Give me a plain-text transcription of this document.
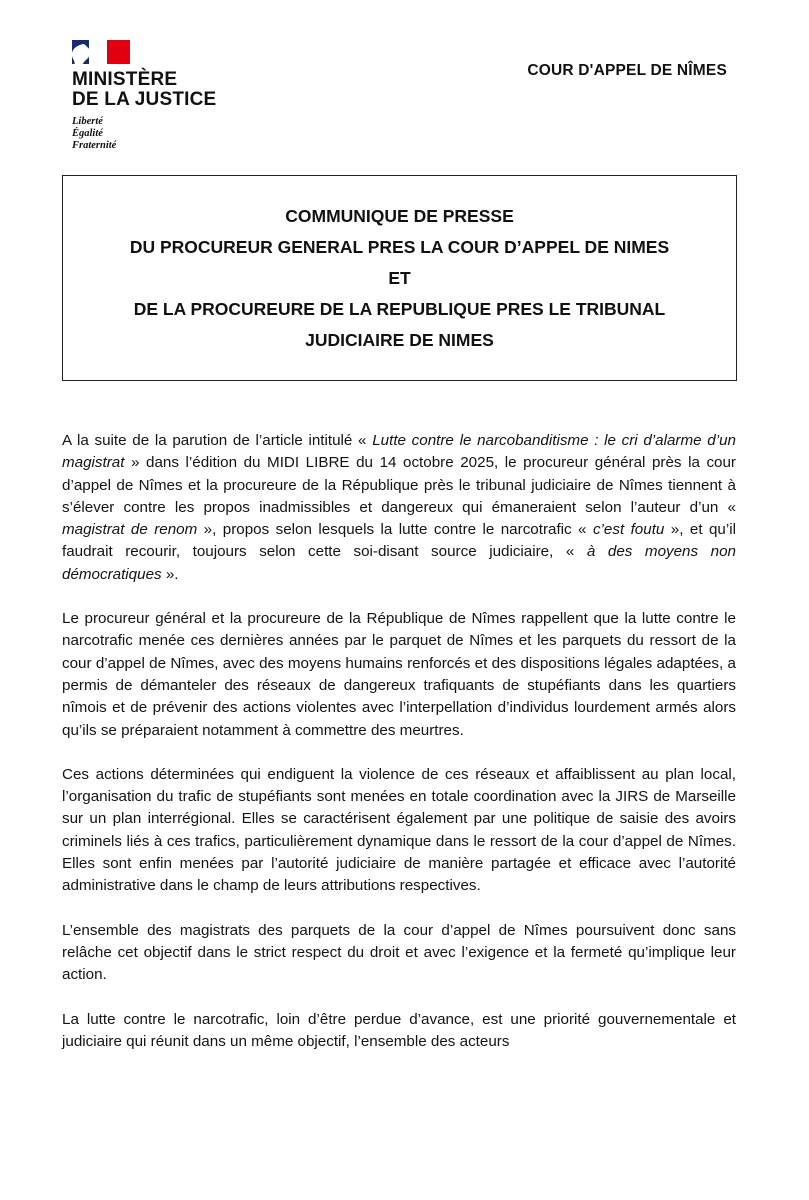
MINISTÈRE
DE LA JUSTICE
Liberté
Égalité
Fraternité
COUR D'APPEL DE NÎMES
COMMUNIQUE DE PRESSE
DU PROCUREUR GENERAL PRES LA COUR D’APPEL DE NIMES
ET
DE LA PROCUREURE DE LA REPUBLIQUE PRES LE TRIBUNAL
JUDICIAIRE DE NIMES

A la suite de la parution de l’article intitulé « Lutte contre le narcobanditisme : le cri d’alarme d’un magistrat » dans l’édition du MIDI LIBRE du 14 octobre 2025, le procureur général près la cour d’appel de Nîmes et la procureure de la République près le tribunal judiciaire de Nîmes tiennent à s’élever contre les propos inadmissibles et dangereux qui émaneraient selon l’auteur d’un « magistrat de renom », propos selon lesquels la lutte contre le narcotrafic « c’est foutu », et qu’il faudrait recourir, toujours selon cette soi-disant source judiciaire, « à des moyens non démocratiques ».

Le procureur général et la procureure de la République de Nîmes rappellent que la lutte contre le narcotrafic menée ces dernières années par le parquet de Nîmes et les parquets du ressort de la cour d’appel de Nîmes, avec des moyens humains renforcés et des dispositions légales adaptées, a permis de démanteler des réseaux de dangereux trafiquants de stupéfiants dans les quartiers nîmois et de prévenir des actions violentes avec l’interpellation d’individus lourdement armés alors qu’ils se préparaient notamment à commettre des meurtres.

Ces actions déterminées qui endiguent la violence de ces réseaux et affaiblissent au plan local, l’organisation du trafic de stupéfiants sont menées en totale coordination avec la JIRS de Marseille sur un plan interrégional. Elles se caractérisent également par une politique de saisie des avoirs criminels liés à ces trafics, particulièrement dynamique dans le ressort de la cour d’appel de Nîmes. Elles sont enfin menées par l’autorité judiciaire de manière partagée et efficace avec l’autorité administrative dans le champ de leurs attributions respectives.

L’ensemble des magistrats des parquets de la cour d’appel de Nîmes poursuivent donc sans relâche cet objectif dans le strict respect du droit et avec l’exigence et la fermeté qu’implique leur action.

La lutte contre le narcotrafic, loin d’être perdue d’avance, est une priorité gouvernementale et judiciaire qui réunit dans un même objectif, l’ensemble des acteurs
